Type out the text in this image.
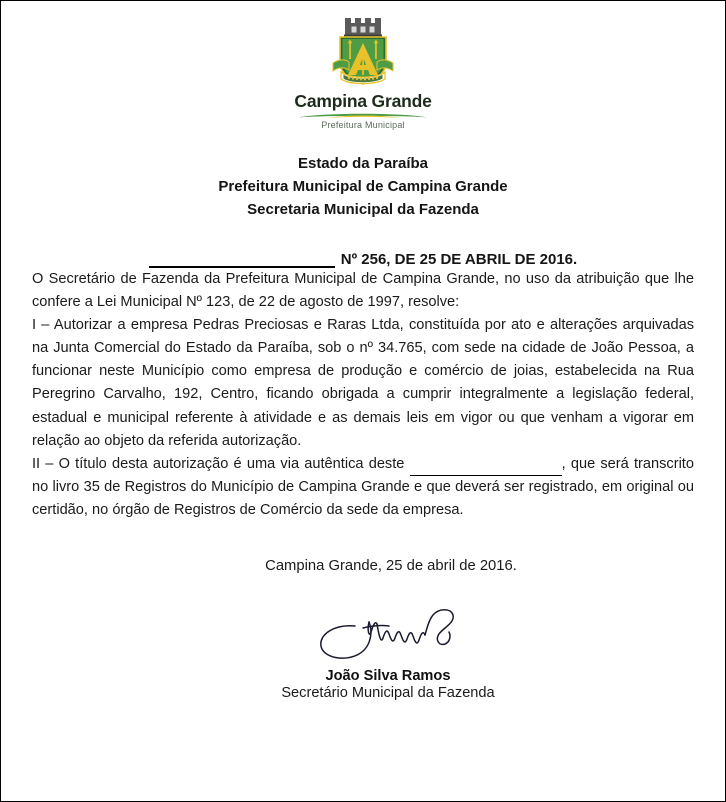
Campina Grande
Prefeitura Municipal
Estado da Paraíba
Prefeitura Municipal de Campina Grande
Secretaria Municipal da Fazenda
Nº 256, DE 25 DE ABRIL DE 2016.

O Secretário de Fazenda da Prefeitura Municipal de Campina Grande, no uso da atribuição que lhe confere a Lei Municipal Nº 123, de 22 de agosto de 1997, resolve:

I – Autorizar a empresa Pedras Preciosas e Raras Ltda, constituída por ato e alterações arquivadas na Junta Comercial do Estado da Paraíba, sob o nº 34.765, com sede na cidade de João Pessoa, a funcionar neste Município como empresa de produção e comércio de joias, estabelecida na Rua Peregrino Carvalho, 192, Centro, ficando obrigada a cumprir integralmente a legislação federal, estadual e municipal referente à atividade e as demais leis em vigor ou que venham a vigorar em relação ao objeto da referida autorização.

II – O título desta autorização é uma via autêntica deste	, que será transcrito no livro 35 de Registros do Município de Campina Grande e que deverá ser registrado, em original ou certidão, no órgão de Registros de Comércio da sede da empresa.

Campina Grande, 25 de abril de 2016.
João Silva Ramos
Secretário Municipal da Fazenda
